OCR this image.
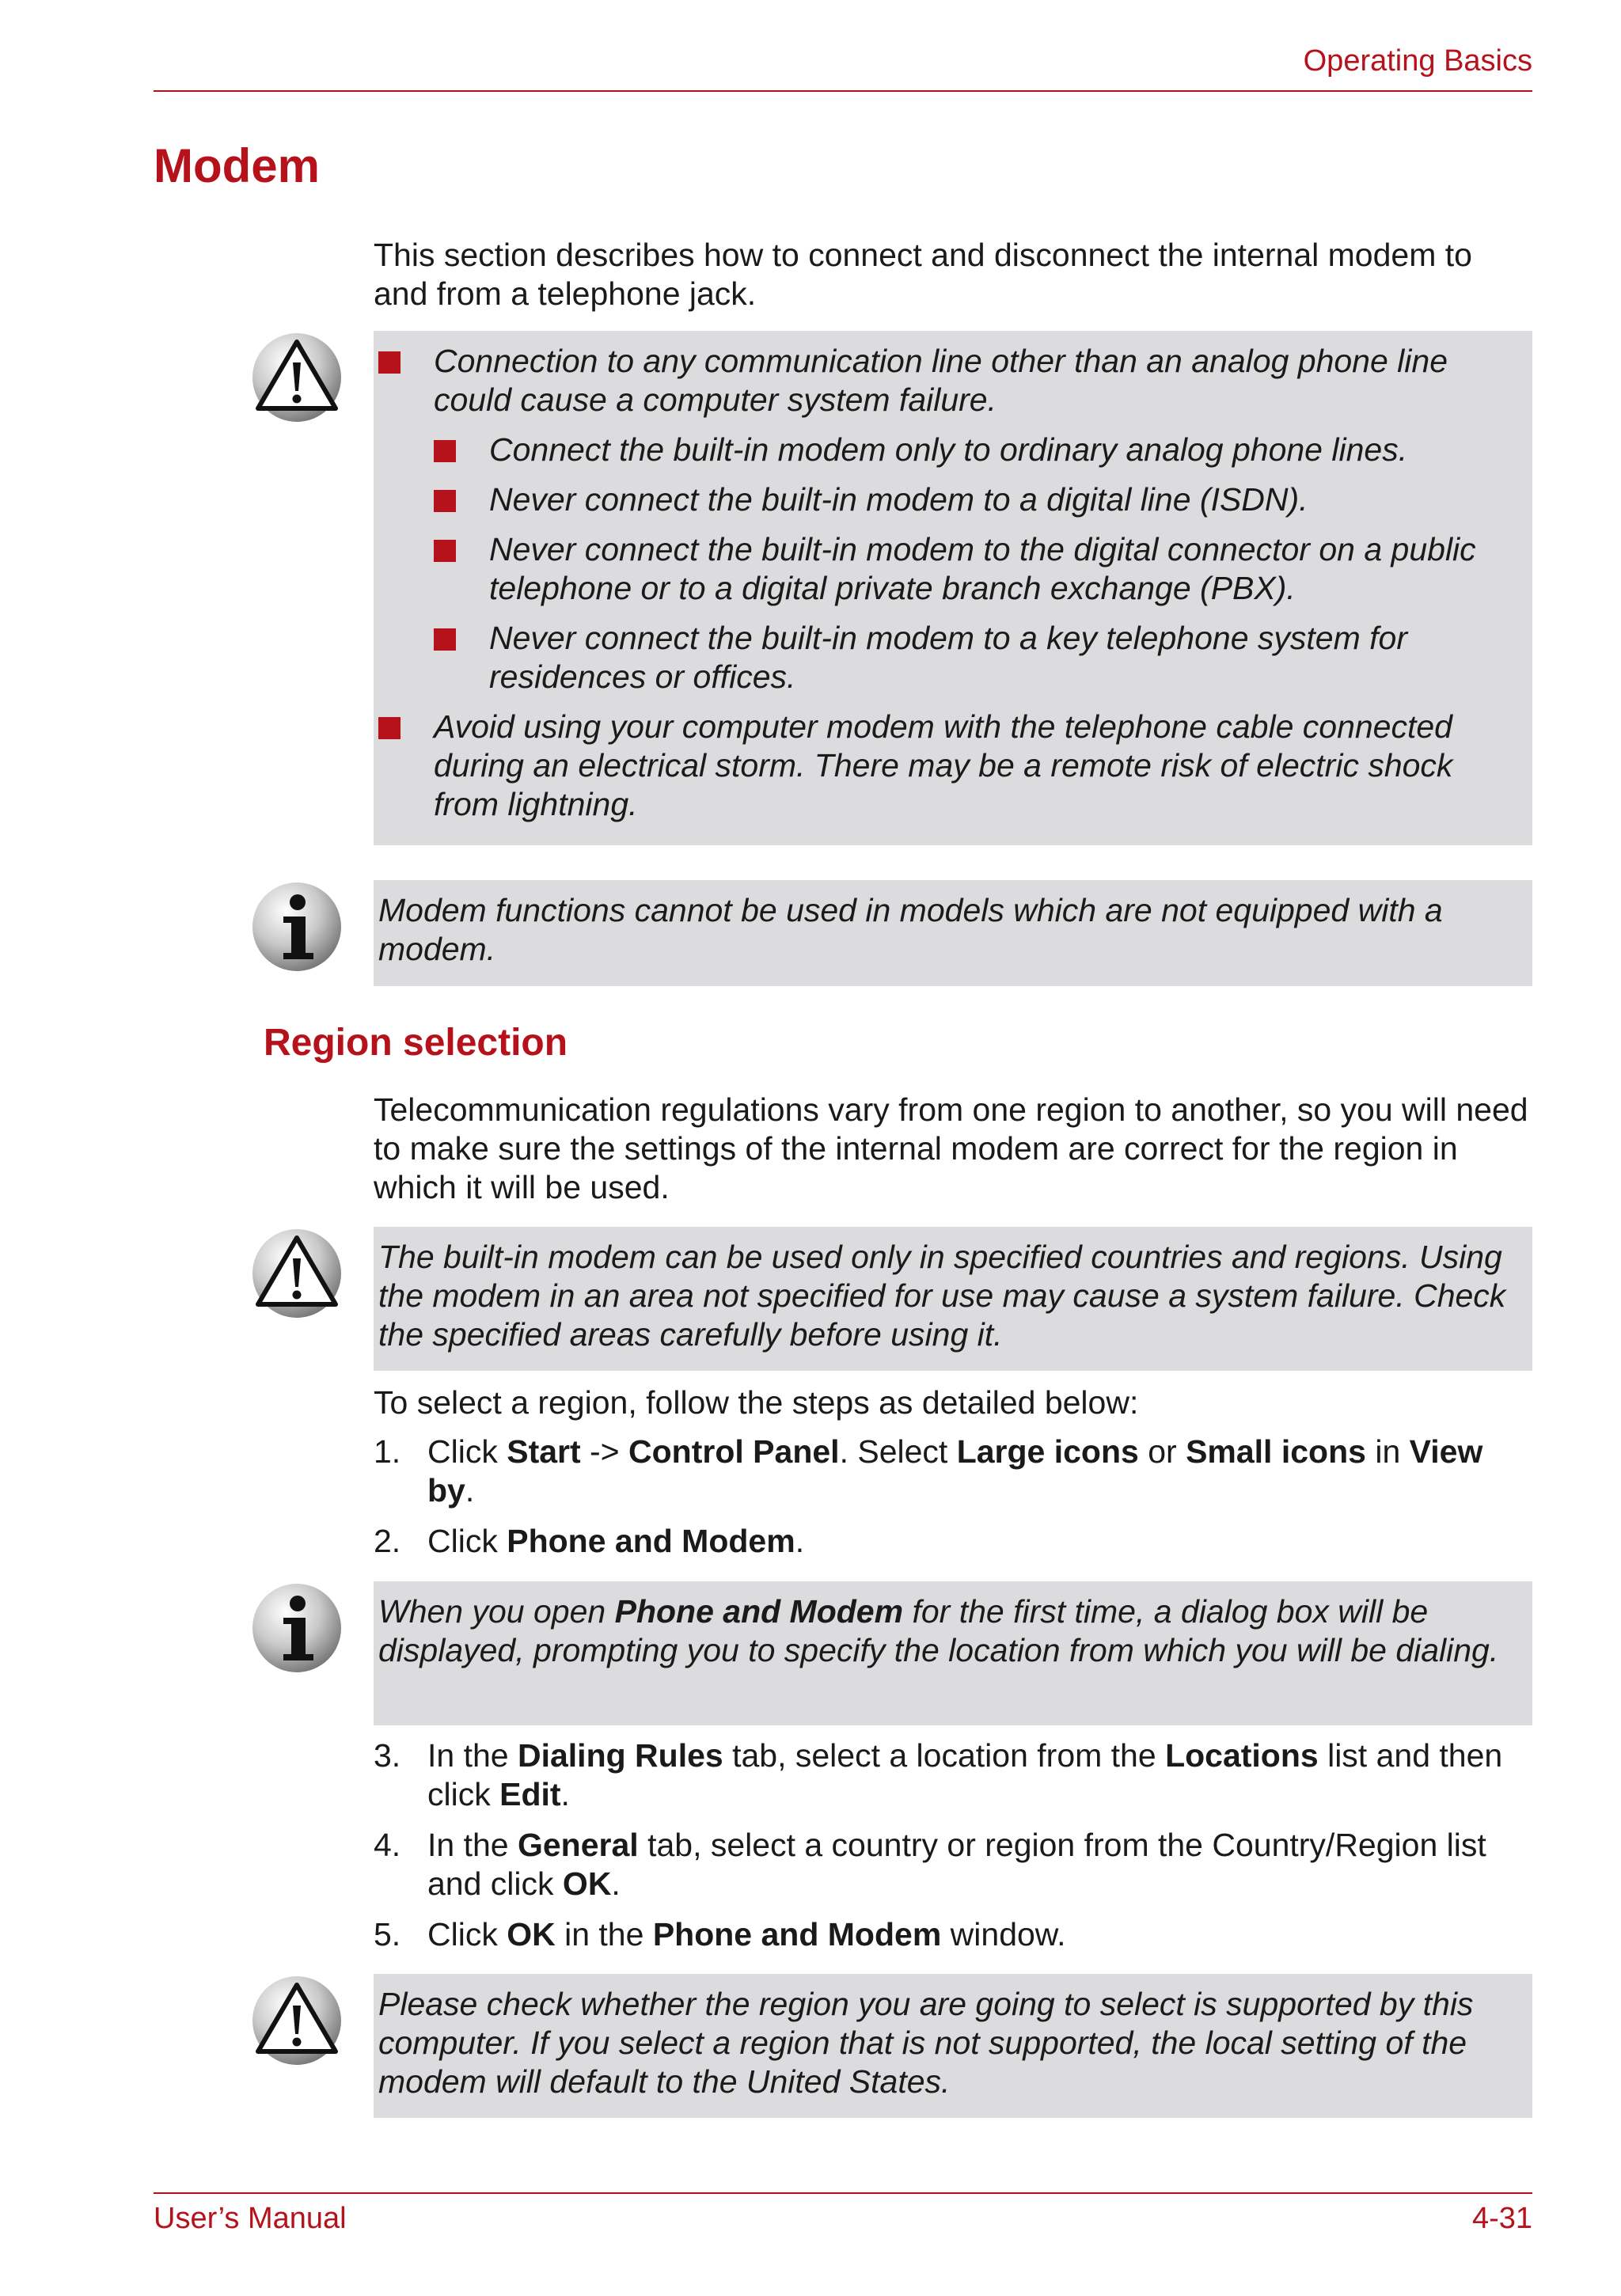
Operating Basics
Modem

This section describes how to connect and disconnect the internal modem to and from a telephone jack.

Connection to any communication line other than an analog phone line could cause a computer system failure.
Connect the built-in modem only to ordinary analog phone lines.
Never connect the built-in modem to a digital line (ISDN).
Never connect the built-in modem to the digital connector on a public telephone or to a digital private branch exchange (PBX).
Never connect the built-in modem to a key telephone system for residences or offices.
Avoid using your computer modem with the telephone cable connected during an electrical storm. There may be a remote risk of electric shock from lightning.
Modem functions cannot be used in models which are not equipped with a modem.
Region selection

Telecommunication regulations vary from one region to another, so you will need to make sure the settings of the internal modem are correct for the region in which it will be used.

The built-in modem can be used only in specified countries and regions. Using the modem in an area not specified for use may cause a system failure. Check the specified areas carefully before using it.

To select a region, follow the steps as detailed below:

1. Click Start -> Control Panel. Select Large icons or Small icons in View by.
2. Click Phone and Modem.
When you open Phone and Modem for the first time, a dialog box will be displayed, prompting you to specify the location from which you will be dialing.
3. In the Dialing Rules tab, select a location from the Locations list and then click Edit.
4. In the General tab, select a country or region from the Country/Region list and click OK.
5. Click OK in the Phone and Modem window.
Please check whether the region you are going to select is supported by this computer. If you select a region that is not supported, the local setting of the modem will default to the United States.
User’s Manual	4-31
